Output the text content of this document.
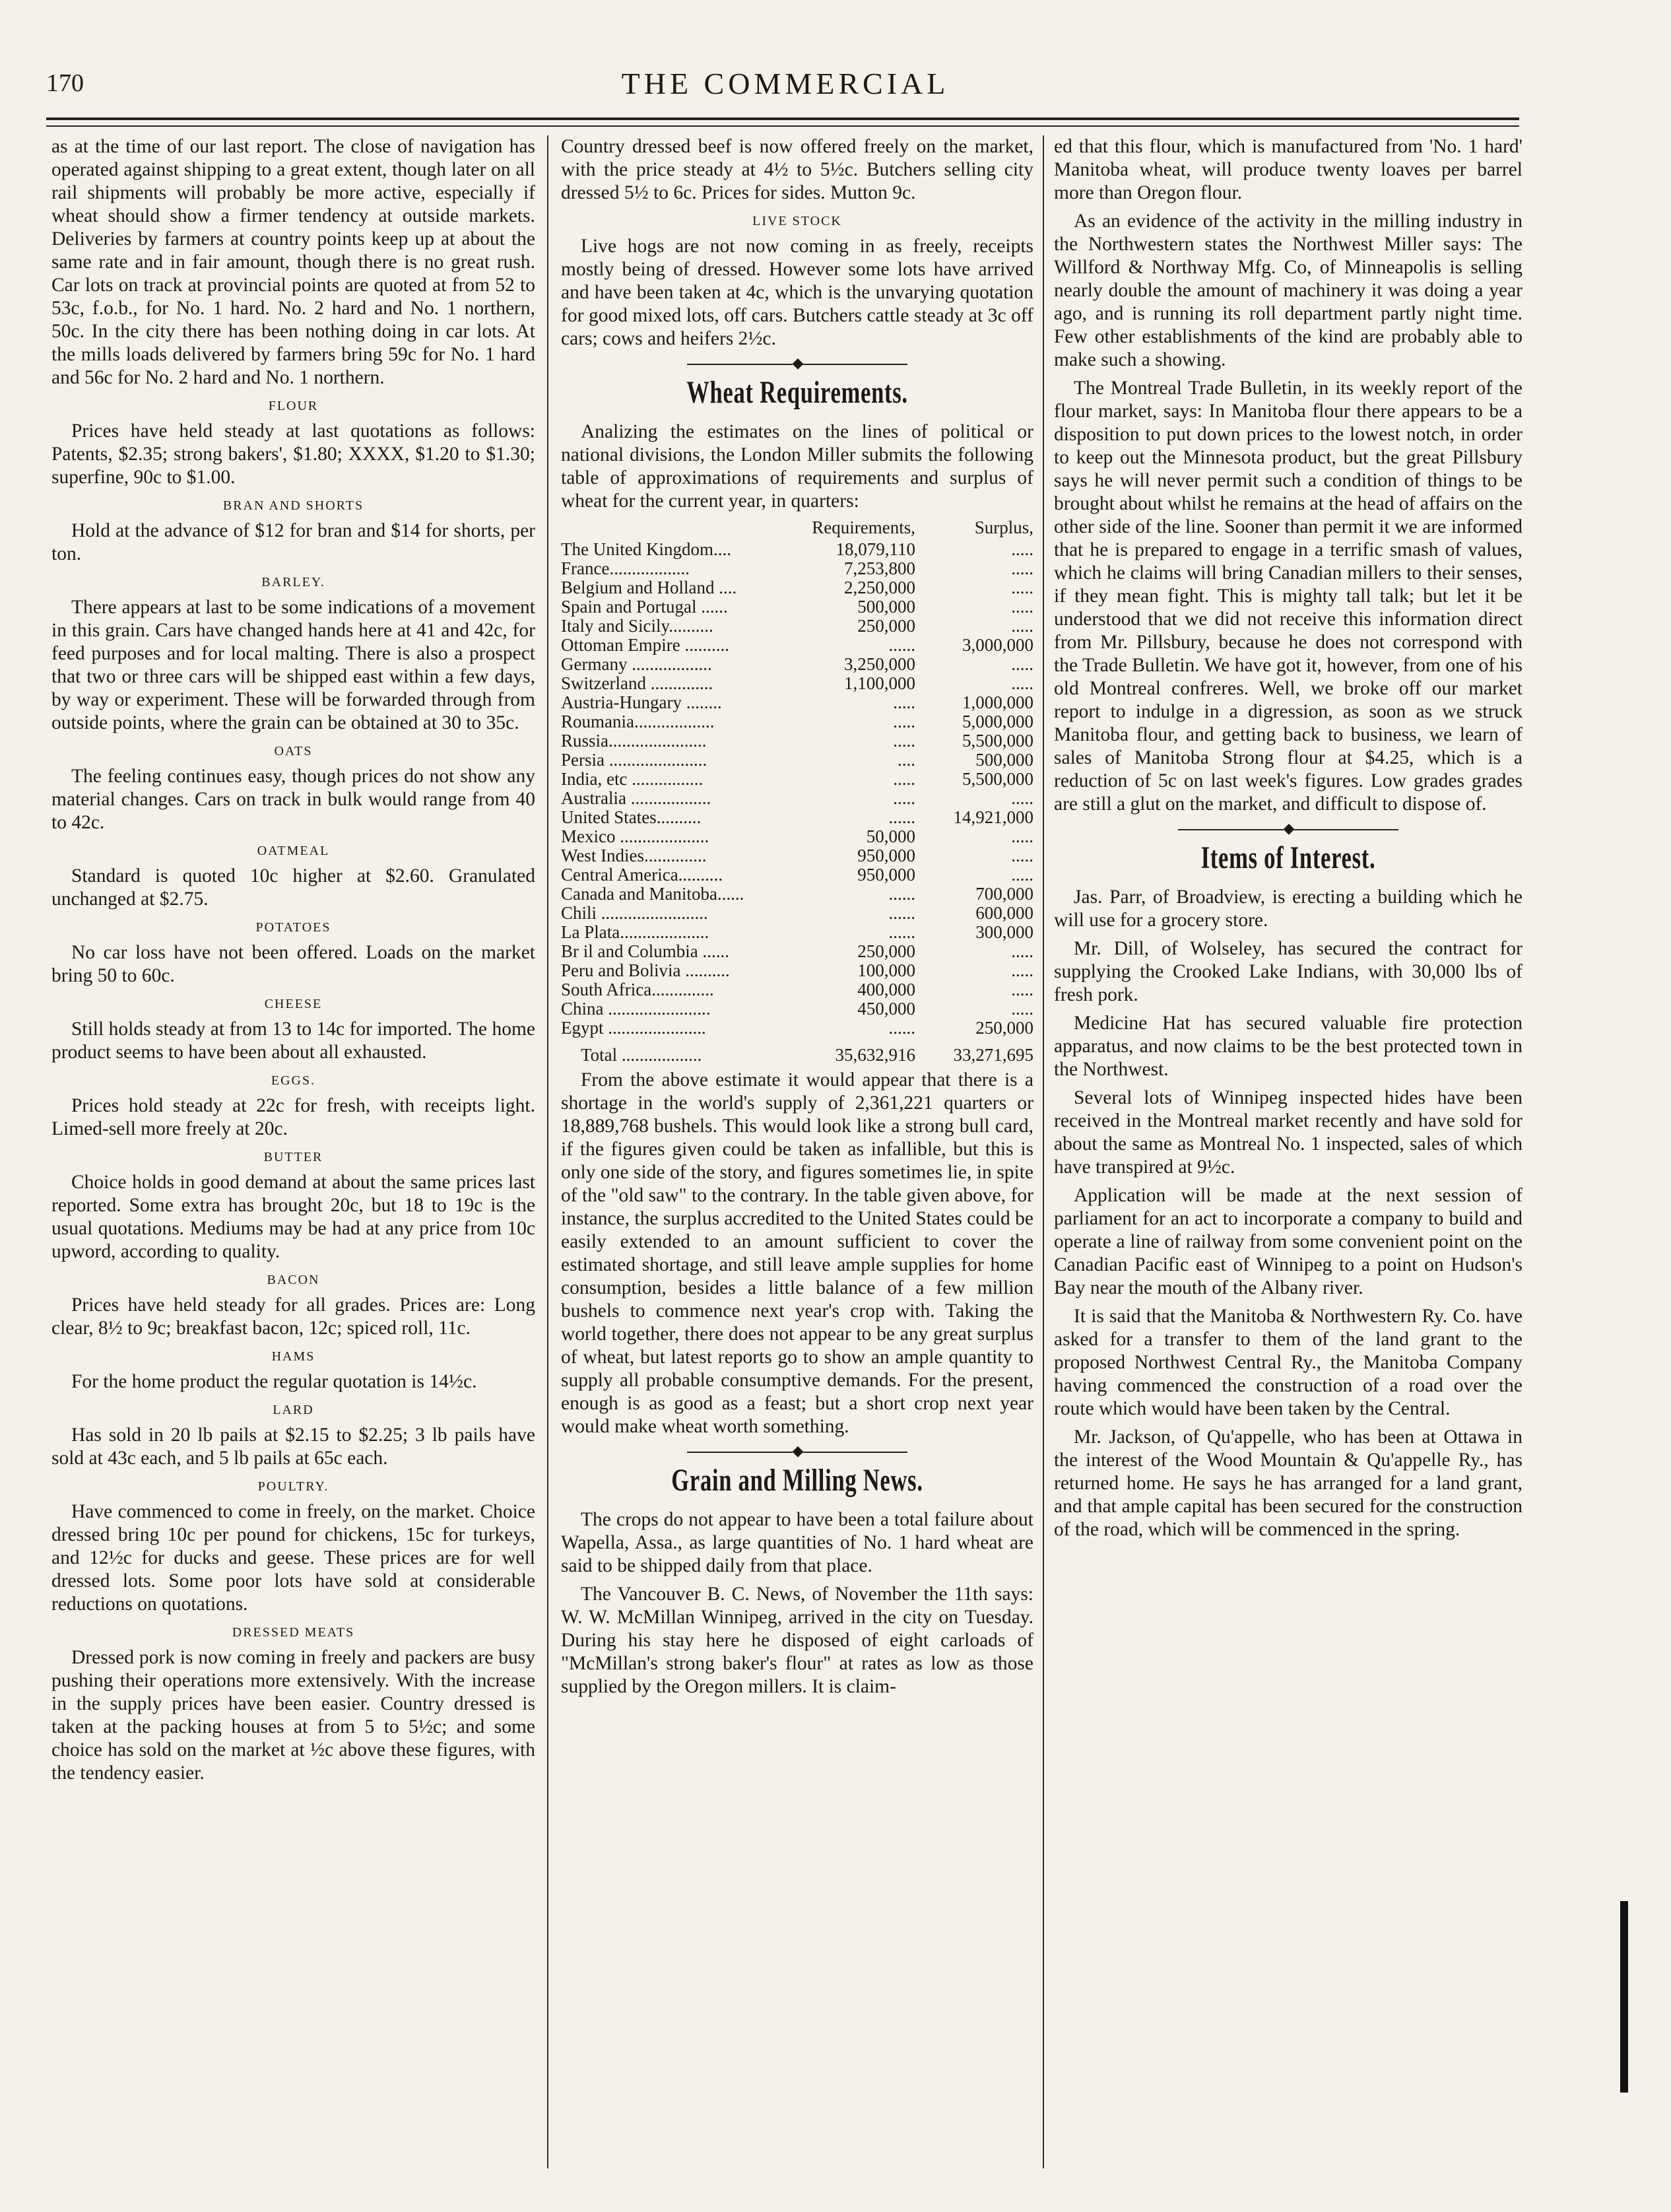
170	THE COMMERCIAL

as at the time of our last report. The close of navigation has operated against shipping to a great extent, though later on all rail shipments will probably be more active, especially if wheat should show a firmer tendency at outside markets. Deliveries by farmers at country points keep up at about the same rate and in fair amount, though there is no great rush. Car lots on track at provincial points are quoted at from 52 to 53c, f.o.b., for No. 1 hard. No. 2 hard and No. 1 northern, 50c. In the city there has been nothing doing in car lots. At the mills loads delivered by farmers bring 59c for No. 1 hard and 56c for No. 2 hard and No. 1 northern.

FLOUR

Prices have held steady at last quotations as follows: Patents, $2.35; strong bakers', $1.80; XXXX, $1.20 to $1.30; superfine, 90c to $1.00.

BRAN AND SHORTS

Hold at the advance of $12 for bran and $14 for shorts, per ton.

BARLEY.

There appears at last to be some indications of a movement in this grain. Cars have changed hands here at 41 and 42c, for feed purposes and for local malting. There is also a prospect that two or three cars will be shipped east within a few days, by way or experiment. These will be forwarded through from outside points, where the grain can be obtained at 30 to 35c.

OATS

The feeling continues easy, though prices do not show any material changes. Cars on track in bulk would range from 40 to 42c.

OATMEAL

Standard is quoted 10c higher at $2.60. Granulated unchanged at $2.75.

POTATOES

No car loss have not been offered. Loads on the market bring 50 to 60c.

CHEESE

Still holds steady at from 13 to 14c for imported. The home product seems to have been about all exhausted.

EGGS.

Prices hold steady at 22c for fresh, with receipts light. Limed-sell more freely at 20c.

BUTTER

Choice holds in good demand at about the same prices last reported. Some extra has brought 20c, but 18 to 19c is the usual quotations. Mediums may be had at any price from 10c upword, according to quality.

BACON

Prices have held steady for all grades. Prices are: Long clear, 8½ to 9c; breakfast bacon, 12c; spiced roll, 11c.

HAMS

For the home product the regular quotation is 14½c.

LARD

Has sold in 20 lb pails at $2.15 to $2.25; 3 lb pails have sold at 43c each, and 5 lb pails at 65c each.

POULTRY.

Have commenced to come in freely, on the market. Choice dressed bring 10c per pound for chickens, 15c for turkeys, and 12½c for ducks and geese. These prices are for well dressed lots. Some poor lots have sold at considerable reductions on quotations.

DRESSED MEATS

Dressed pork is now coming in freely and packers are busy pushing their operations more extensively. With the increase in the supply prices have been easier. Country dressed is taken at the packing houses at from 5 to 5½c; and some choice has sold on the market at ½c above these figures, with the tendency easier.

Country dressed beef is now offered freely on the market, with the price steady at 4½ to 5½c. Butchers selling city dressed 5½ to 6c. Prices for sides. Mutton 9c.

LIVE STOCK

Live hogs are not now coming in as freely, receipts mostly being of dressed. However some lots have arrived and have been taken at 4c, which is the unvarying quotation for good mixed lots, off cars. Butchers cattle steady at 3c off cars; cows and heifers 2½c.

◆
Wheat Requirements.

Analizing the estimates on the lines of political or national divisions, the London Miller submits the following table of approximations of requirements and surplus of wheat for the current year, in quarters:

	Requirements,	Surplus,
The United Kingdom....	18,079,110	.....
France..................	7,253,800	.....
Belgium and Holland ....	2,250,000	.....
Spain and Portugal ......	500,000	.....
Italy and Sicily..........	250,000	.....
Ottoman Empire ..........	......	3,000,000
Germany ..................	3,250,000	.....
Switzerland ..............	1,100,000	.....
Austria-Hungary ........	.....	1,000,000
Roumania..................	.....	5,000,000
Russia......................	.....	5,500,000
Persia ......................	....	500,000
India, etc ................	.....	5,500,000
Australia ..................	.....	.....
United States..........	......	14,921,000
Mexico ....................	50,000	.....
West Indies..............	950,000	.....
Central America..........	950,000	.....
Canada and Manitoba......	......	700,000
Chili ........................	......	600,000
La Plata....................	......	300,000
Br il and Columbia ......	250,000	.....
Peru and Bolivia ..........	100,000	.....
South Africa..............	400,000	.....
China .......................	450,000	.....
Egypt ......................	......	250,000
Total ..................	35,632,916	33,271,695

From the above estimate it would appear that there is a shortage in the world's supply of 2,361,221 quarters or 18,889,768 bushels. This would look like a strong bull card, if the figures given could be taken as infallible, but this is only one side of the story, and figures sometimes lie, in spite of the "old saw" to the contrary. In the table given above, for instance, the surplus accredited to the United States could be easily extended to an amount sufficient to cover the estimated shortage, and still leave ample supplies for home consumption, besides a little balance of a few million bushels to commence next year's crop with. Taking the world together, there does not appear to be any great surplus of wheat, but latest reports go to show an ample quantity to supply all probable consumptive demands. For the present, enough is as good as a feast; but a short crop next year would make wheat worth something.

◆
Grain and Milling News.

The crops do not appear to have been a total failure about Wapella, Assa., as large quantities of No. 1 hard wheat are said to be shipped daily from that place.

The Vancouver B. C. News, of November the 11th says: W. W. McMillan Winnipeg, arrived in the city on Tuesday. During his stay here he disposed of eight carloads of "McMillan's strong baker's flour" at rates as low as those supplied by the Oregon millers. It is claim-

ed that this flour, which is manufactured from 'No. 1 hard' Manitoba wheat, will produce twenty loaves per barrel more than Oregon flour.

As an evidence of the activity in the milling industry in the Northwestern states the Northwest Miller says: The Willford & Northway Mfg. Co, of Minneapolis is selling nearly double the amount of machinery it was doing a year ago, and is running its roll department partly night time. Few other establishments of the kind are probably able to make such a showing.

The Montreal Trade Bulletin, in its weekly report of the flour market, says: In Manitoba flour there appears to be a disposition to put down prices to the lowest notch, in order to keep out the Minnesota product, but the great Pillsbury says he will never permit such a condition of things to be brought about whilst he remains at the head of affairs on the other side of the line. Sooner than permit it we are informed that he is prepared to engage in a terrific smash of values, which he claims will bring Canadian millers to their senses, if they mean fight. This is mighty tall talk; but let it be understood that we did not receive this information direct from Mr. Pillsbury, because he does not correspond with the Trade Bulletin. We have got it, however, from one of his old Montreal confreres. Well, we broke off our market report to indulge in a digression, as soon as we struck Manitoba flour, and getting back to business, we learn of sales of Manitoba Strong flour at $4.25, which is a reduction of 5c on last week's figures. Low grades grades are still a glut on the market, and difficult to dispose of.

◆
Items of Interest.

Jas. Parr, of Broadview, is erecting a building which he will use for a grocery store.

Mr. Dill, of Wolseley, has secured the contract for supplying the Crooked Lake Indians, with 30,000 lbs of fresh pork.

Medicine Hat has secured valuable fire protection apparatus, and now claims to be the best protected town in the Northwest.

Several lots of Winnipeg inspected hides have been received in the Montreal market recently and have sold for about the same as Montreal No. 1 inspected, sales of which have transpired at 9½c.

Application will be made at the next session of parliament for an act to incorporate a company to build and operate a line of railway from some convenient point on the Canadian Pacific east of Winnipeg to a point on Hudson's Bay near the mouth of the Albany river.

It is said that the Manitoba & Northwestern Ry. Co. have asked for a transfer to them of the land grant to the proposed Northwest Central Ry., the Manitoba Company having commenced the construction of a road over the route which would have been taken by the Central.

Mr. Jackson, of Qu'appelle, who has been at Ottawa in the interest of the Wood Mountain & Qu'appelle Ry., has returned home. He says he has arranged for a land grant, and that ample capital has been secured for the construction of the road, which will be commenced in the spring.
